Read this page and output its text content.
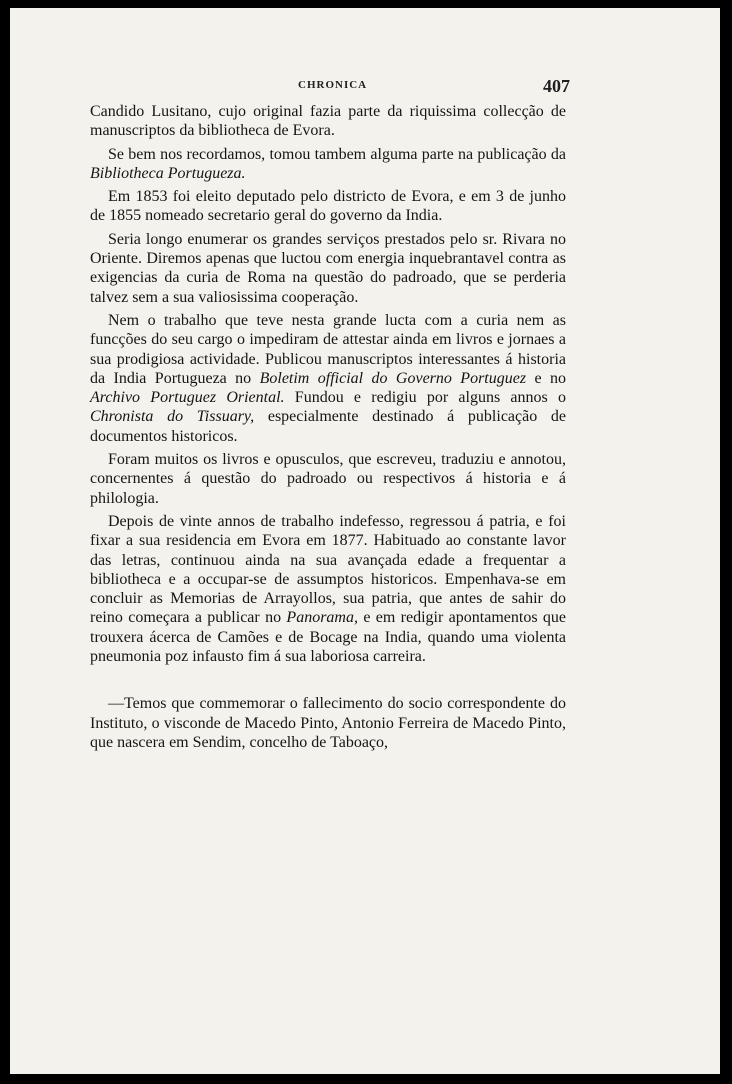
CHRONICA	407

Candido Lusitano, cujo original fazia parte da riquissima collecção de manuscriptos da bibliotheca de Evora.

Se bem nos recordamos, tomou tambem alguma parte na publicação da Bibliotheca Portugueza.

Em 1853 foi eleito deputado pelo districto de Evora, e em 3 de junho de 1855 nomeado secretario geral do governo da India.

Seria longo enumerar os grandes serviços prestados pelo sr. Rivara no Oriente. Diremos apenas que luctou com energia inquebrantavel contra as exigencias da curia de Roma na questão do padroado, que se perderia talvez sem a sua valiosissima cooperação.

Nem o trabalho que teve nesta grande lucta com a curia nem as funcções do seu cargo o impediram de attestar ainda em livros e jornaes a sua prodigiosa actividade. Publicou manuscriptos interessantes á historia da India Portugueza no Boletim official do Governo Portuguez e no Archivo Portuguez Oriental. Fundou e redigiu por alguns annos o Chronista do Tissuary, especialmente destinado á publicação de documentos historicos.

Foram muitos os livros e opusculos, que escreveu, traduziu e annotou, concernentes á questão do padroado ou respectivos á historia e á philologia.

Depois de vinte annos de trabalho indefesso, regressou á patria, e foi fixar a sua residencia em Evora em 1877. Habituado ao constante lavor das letras, continuou ainda na sua avançada edade a frequentar a bibliotheca e a occupar-se de assumptos historicos. Empenhava-se em concluir as Memorias de Arrayollos, sua patria, que antes de sahir do reino começara a publicar no Panorama, e em redigir apontamentos que trouxera ácerca de Camões e de Bocage na India, quando uma violenta pneumonia poz infausto fim á sua laboriosa carreira.

—Temos que commemorar o fallecimento do socio correspondente do Instituto, o visconde de Macedo Pinto, Antonio Ferreira de Macedo Pinto, que nascera em Sendim, concelho de Taboaço,
